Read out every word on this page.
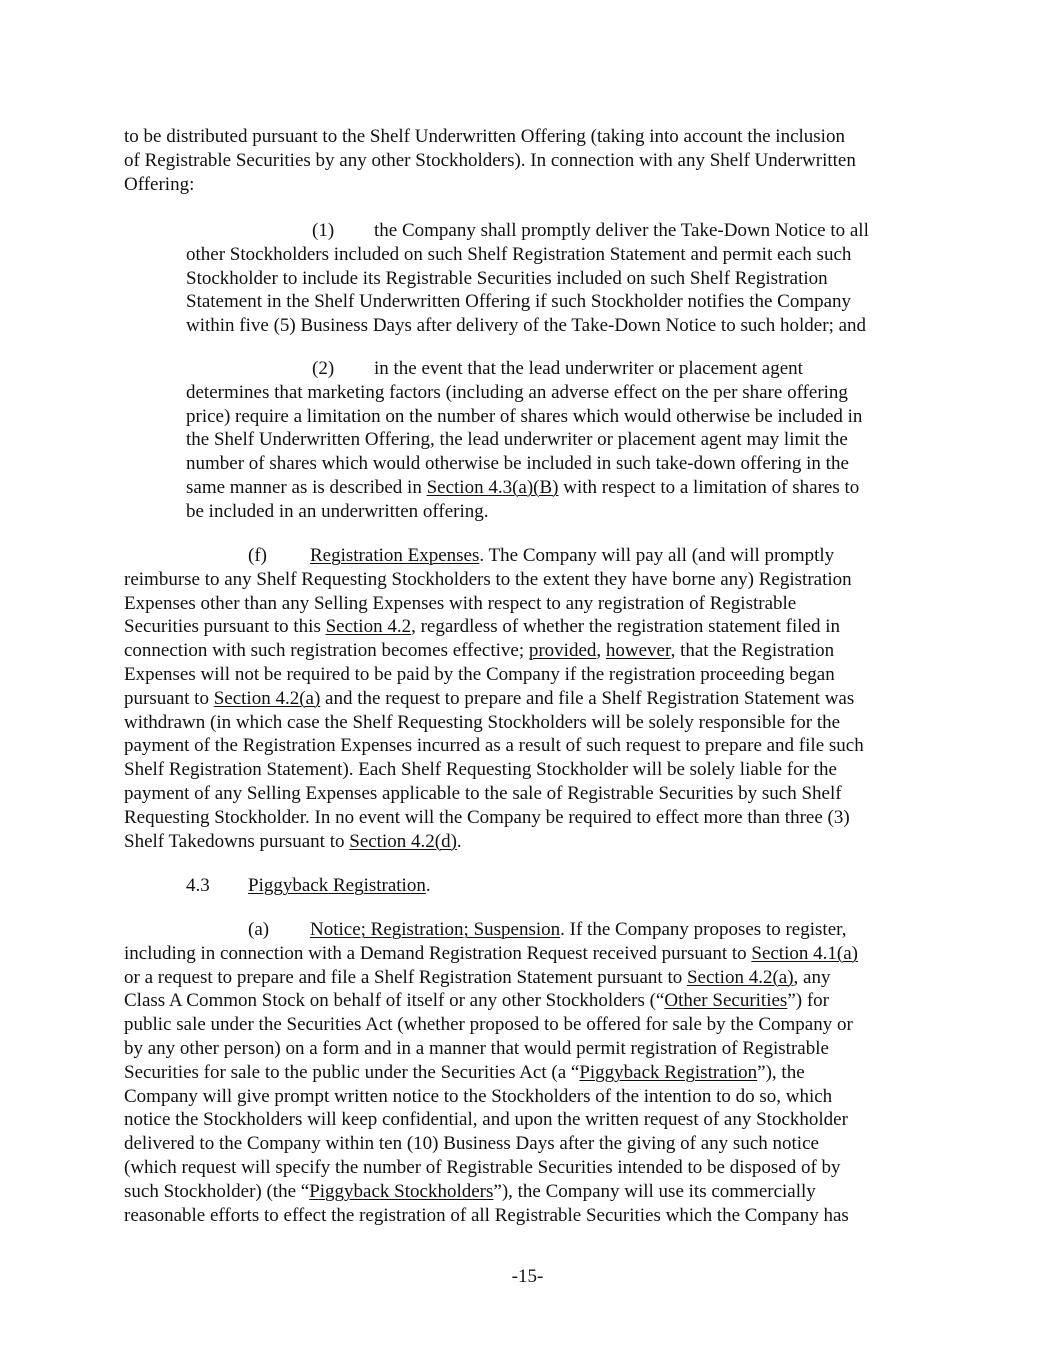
to be distributed pursuant to the Shelf Underwritten Offering (taking into account the inclusion
of Registrable Securities by any other Stockholders). In connection with any Shelf Underwritten
Offering:
(1) the Company shall promptly deliver the Take-Down Notice to all
other Stockholders included on such Shelf Registration Statement and permit each such
Stockholder to include its Registrable Securities included on such Shelf Registration
Statement in the Shelf Underwritten Offering if such Stockholder notifies the Company
within five (5) Business Days after delivery of the Take-Down Notice to such holder; and
(2) in the event that the lead underwriter or placement agent
determines that marketing factors (including an adverse effect on the per share offering
price) require a limitation on the number of shares which would otherwise be included in
the Shelf Underwritten Offering, the lead underwriter or placement agent may limit the
number of shares which would otherwise be included in such take-down offering in the
same manner as is described in Section 4.3(a)(B) with respect to a limitation of shares to
be included in an underwritten offering.
(f) Registration Expenses. The Company will pay all (and will promptly
reimburse to any Shelf Requesting Stockholders to the extent they have borne any) Registration
Expenses other than any Selling Expenses with respect to any registration of Registrable
Securities pursuant to this Section 4.2, regardless of whether the registration statement filed in
connection with such registration becomes effective; provided, however, that the Registration
Expenses will not be required to be paid by the Company if the registration proceeding began
pursuant to Section 4.2(a) and the request to prepare and file a Shelf Registration Statement was
withdrawn (in which case the Shelf Requesting Stockholders will be solely responsible for the
payment of the Registration Expenses incurred as a result of such request to prepare and file such
Shelf Registration Statement). Each Shelf Requesting Stockholder will be solely liable for the
payment of any Selling Expenses applicable to the sale of Registrable Securities by such Shelf
Requesting Stockholder. In no event will the Company be required to effect more than three (3)
Shelf Takedowns pursuant to Section 4.2(d).
4.3 Piggyback Registration.
(a) Notice; Registration; Suspension. If the Company proposes to register,
including in connection with a Demand Registration Request received pursuant to Section 4.1(a)
or a request to prepare and file a Shelf Registration Statement pursuant to Section 4.2(a), any
Class A Common Stock on behalf of itself or any other Stockholders (“Other Securities”) for
public sale under the Securities Act (whether proposed to be offered for sale by the Company or
by any other person) on a form and in a manner that would permit registration of Registrable
Securities for sale to the public under the Securities Act (a “Piggyback Registration”), the
Company will give prompt written notice to the Stockholders of the intention to do so, which
notice the Stockholders will keep confidential, and upon the written request of any Stockholder
delivered to the Company within ten (10) Business Days after the giving of any such notice
(which request will specify the number of Registrable Securities intended to be disposed of by
such Stockholder) (the “Piggyback Stockholders”), the Company will use its commercially
reasonable efforts to effect the registration of all Registrable Securities which the Company has
-15-
